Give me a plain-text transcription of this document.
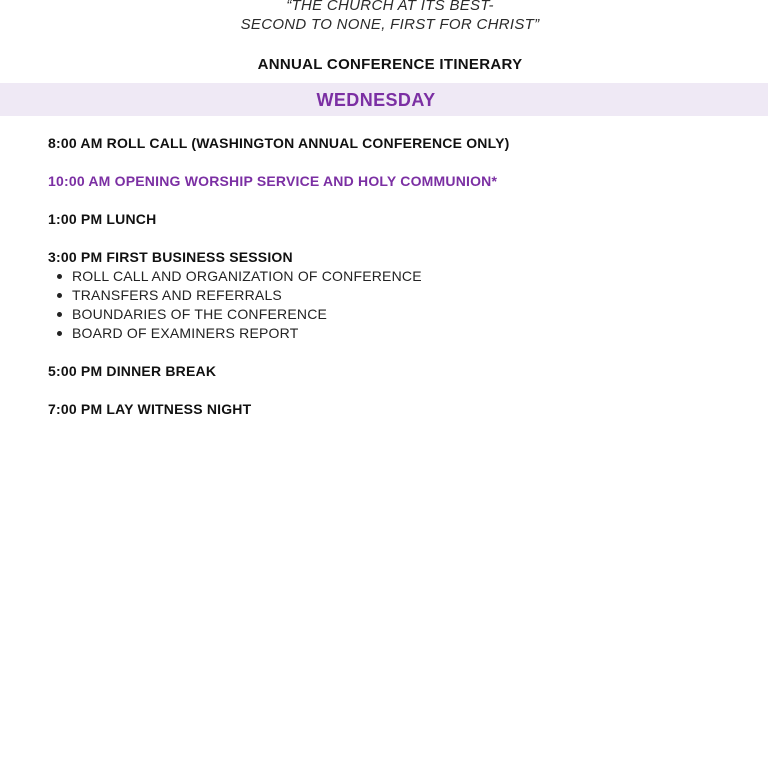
“THE CHURCH AT ITS BEST-
SECOND TO NONE, FIRST FOR CHRIST”
ANNUAL CONFERENCE ITINERARY
WEDNESDAY
8:00 AM ROLL CALL (WASHINGTON ANNUAL CONFERENCE ONLY)
10:00 AM OPENING WORSHIP SERVICE AND HOLY COMMUNION*
1:00 PM LUNCH
3:00 PM FIRST BUSINESS SESSION
ROLL CALL AND ORGANIZATION OF CONFERENCE
TRANSFERS AND REFERRALS
BOUNDARIES OF THE CONFERENCE
BOARD OF EXAMINERS REPORT
5:00 PM DINNER BREAK
7:00 PM LAY WITNESS NIGHT
